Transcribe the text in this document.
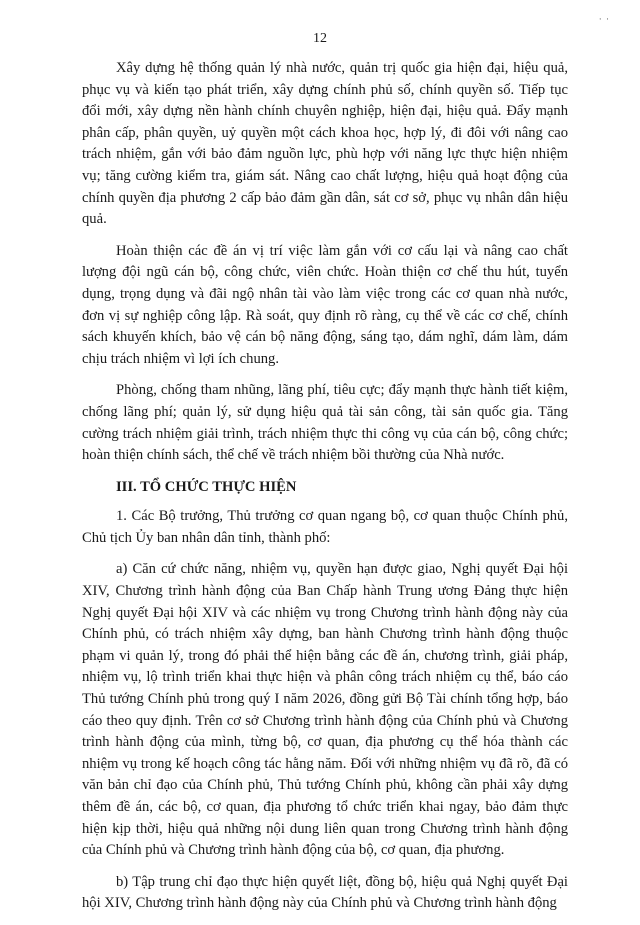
· ·
12

Xây dựng hệ thống quản lý nhà nước, quản trị quốc gia hiện đại, hiệu quả, phục vụ và kiến tạo phát triển, xây dựng chính phủ số, chính quyền số. Tiếp tục đổi mới, xây dựng nền hành chính chuyên nghiệp, hiện đại, hiệu quả. Đẩy mạnh phân cấp, phân quyền, uỷ quyền một cách khoa học, hợp lý, đi đôi với nâng cao trách nhiệm, gắn với bảo đảm nguồn lực, phù hợp với năng lực thực hiện nhiệm vụ; tăng cường kiểm tra, giám sát. Nâng cao chất lượng, hiệu quả hoạt động của chính quyền địa phương 2 cấp bảo đảm gần dân, sát cơ sở, phục vụ nhân dân hiệu quả.

Hoàn thiện các đề án vị trí việc làm gắn với cơ cấu lại và nâng cao chất lượng đội ngũ cán bộ, công chức, viên chức. Hoàn thiện cơ chế thu hút, tuyển dụng, trọng dụng và đãi ngộ nhân tài vào làm việc trong các cơ quan nhà nước, đơn vị sự nghiệp công lập. Rà soát, quy định rõ ràng, cụ thể về các cơ chế, chính sách khuyến khích, bảo vệ cán bộ năng động, sáng tạo, dám nghĩ, dám làm, dám chịu trách nhiệm vì lợi ích chung.

Phòng, chống tham nhũng, lãng phí, tiêu cực; đẩy mạnh thực hành tiết kiệm, chống lãng phí; quản lý, sử dụng hiệu quả tài sản công, tài sản quốc gia. Tăng cường trách nhiệm giải trình, trách nhiệm thực thi công vụ của cán bộ, công chức; hoàn thiện chính sách, thể chế về trách nhiệm bồi thường của Nhà nước.

III. TỔ CHỨC THỰC HIỆN

1. Các Bộ trưởng, Thủ trưởng cơ quan ngang bộ, cơ quan thuộc Chính phủ, Chủ tịch Ủy ban nhân dân tỉnh, thành phố:

a) Căn cứ chức năng, nhiệm vụ, quyền hạn được giao, Nghị quyết Đại hội XIV, Chương trình hành động của Ban Chấp hành Trung ương Đảng thực hiện Nghị quyết Đại hội XIV và các nhiệm vụ trong Chương trình hành động này của Chính phủ, có trách nhiệm xây dựng, ban hành Chương trình hành động thuộc phạm vi quản lý, trong đó phải thể hiện bằng các đề án, chương trình, giải pháp, nhiệm vụ, lộ trình triển khai thực hiện và phân công trách nhiệm cụ thể, báo cáo Thủ tướng Chính phủ trong quý I năm 2026, đồng gửi Bộ Tài chính tổng hợp, báo cáo theo quy định. Trên cơ sở Chương trình hành động của Chính phủ và Chương trình hành động của mình, từng bộ, cơ quan, địa phương cụ thể hóa thành các nhiệm vụ trong kế hoạch công tác hằng năm. Đối với những nhiệm vụ đã rõ, đã có văn bản chỉ đạo của Chính phủ, Thủ tướng Chính phủ, không cần phải xây dựng thêm đề án, các bộ, cơ quan, địa phương tổ chức triển khai ngay, bảo đảm thực hiện kịp thời, hiệu quả những nội dung liên quan trong Chương trình hành động của Chính phủ và Chương trình hành động của bộ, cơ quan, địa phương.

b) Tập trung chỉ đạo thực hiện quyết liệt, đồng bộ, hiệu quả Nghị quyết Đại hội XIV, Chương trình hành động này của Chính phủ và Chương trình hành động
